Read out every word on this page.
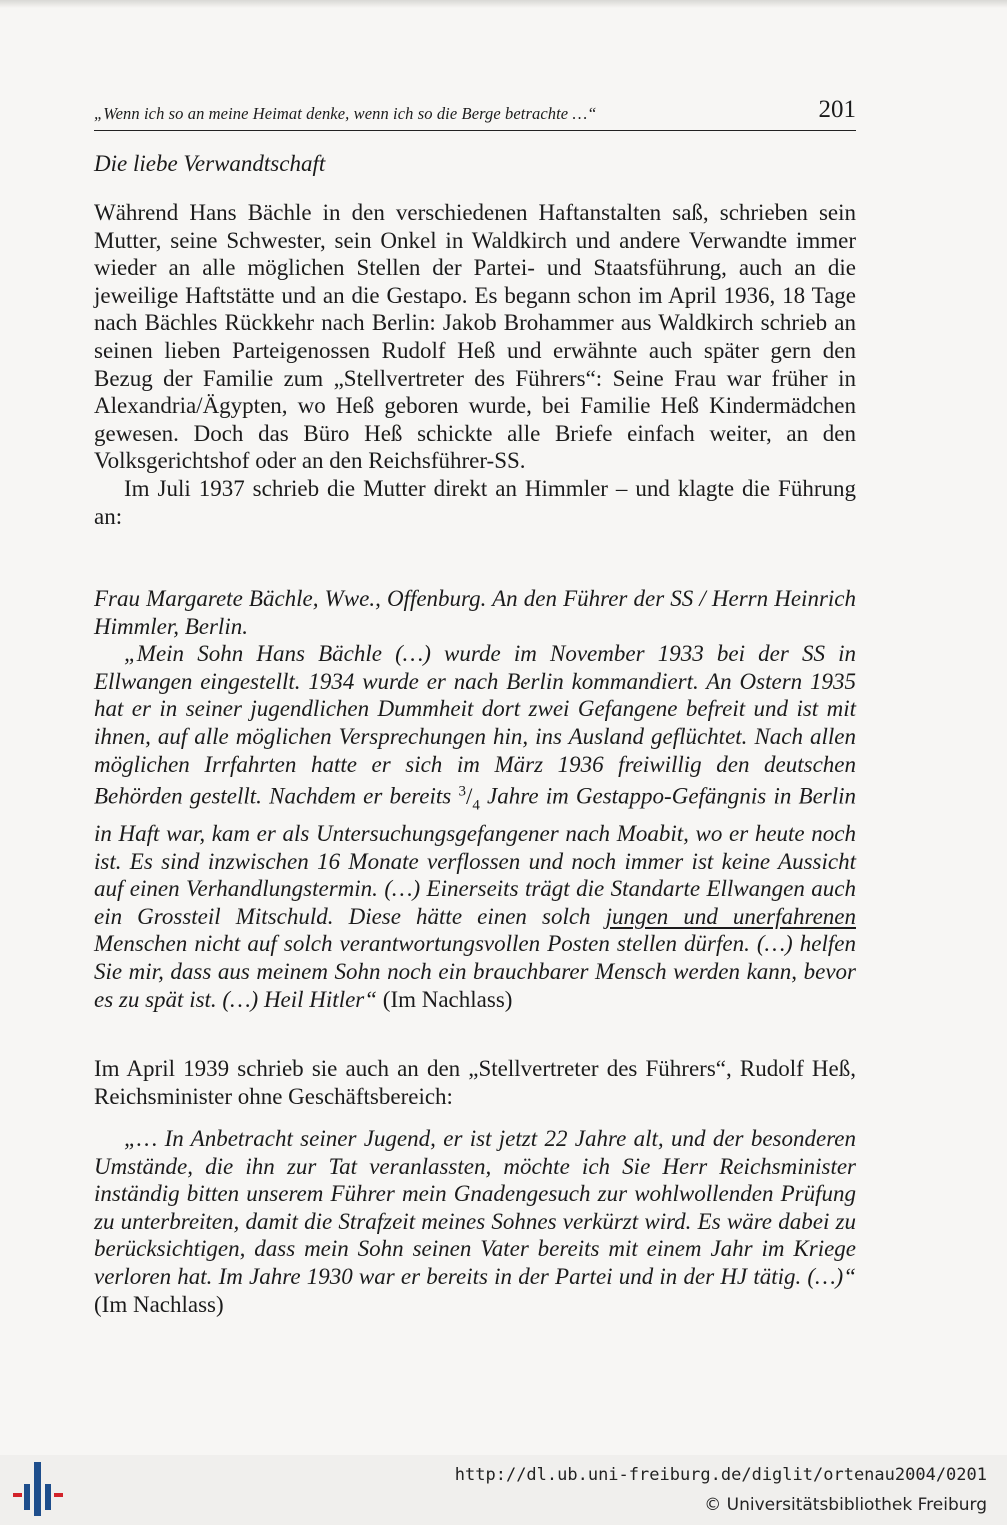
„Wenn ich so an meine Heimat denke, wenn ich so die Berge betrachte …“	201

Die liebe Verwandtschaft

Während Hans Bächle in den verschiedenen Haftanstalten saß, schrieben sein Mutter, seine Schwester, sein Onkel in Waldkirch und andere Verwandte immer wieder an alle möglichen Stellen der Partei- und Staatsführung, auch an die jeweilige Haftstätte und an die Gestapo. Es begann schon im April 1936, 18 Tage nach Bächles Rückkehr nach Berlin: Jakob Brohammer aus Waldkirch schrieb an seinen lieben Parteigenossen Rudolf Heß und erwähnte auch später gern den Bezug der Familie zum „Stellvertreter des Führers“: Seine Frau war früher in Alexandria/Ägypten, wo Heß geboren wurde, bei Familie Heß Kindermädchen gewesen. Doch das Büro Heß schickte alle Briefe einfach weiter, an den Volksgerichtshof oder an den Reichsführer-SS.

Im Juli 1937 schrieb die Mutter direkt an Himmler – und klagte die Führung an:

Frau Margarete Bächle, Wwe., Offenburg. An den Führer der SS / Herrn Heinrich Himmler, Berlin.

„Mein Sohn Hans Bächle (…) wurde im November 1933 bei der SS in Ellwangen eingestellt. 1934 wurde er nach Berlin kommandiert. An Ostern 1935 hat er in seiner jugendlichen Dummheit dort zwei Gefangene befreit und ist mit ihnen, auf alle möglichen Versprechungen hin, ins Ausland geflüchtet. Nach allen möglichen Irrfahrten hatte er sich im März 1936 freiwillig den deutschen Behörden gestellt. Nachdem er bereits $^3/_4$ Jahre im Gestappo-Gefängnis in Berlin in Haft war, kam er als Untersuchungsgefangener nach Moabit, wo er heute noch ist. Es sind inzwischen 16 Monate verflossen und noch immer ist keine Aussicht auf einen Verhandlungstermin. (…) Einerseits trägt die Standarte Ellwangen auch ein Grossteil Mitschuld. Diese hätte einen solch jungen und unerfahrenen Menschen nicht auf solch verantwortungsvollen Posten stellen dürfen. (…) helfen Sie mir, dass aus meinem Sohn noch ein brauchbarer Mensch werden kann, bevor es zu spät ist. (…) Heil Hitler“ (Im Nachlass)

Im April 1939 schrieb sie auch an den „Stellvertreter des Führers“, Rudolf Heß, Reichsminister ohne Geschäftsbereich:

„… In Anbetracht seiner Jugend, er ist jetzt 22 Jahre alt, und der besonderen Umstände, die ihn zur Tat veranlassten, möchte ich Sie Herr Reichsminister inständig bitten unserem Führer mein Gnadengesuch zur wohlwollenden Prüfung zu unterbreiten, damit die Strafzeit meines Sohnes verkürzt wird. Es wäre dabei zu berücksichtigen, dass mein Sohn seinen Vater bereits mit einem Jahr im Kriege verloren hat. Im Jahre 1930 war er bereits in der Partei und in der HJ tätig. (…)“ (Im Nachlass)

http://dl.ub.uni-freiburg.de/diglit/ortenau2004/0201
© Universitätsbibliothek Freiburg
